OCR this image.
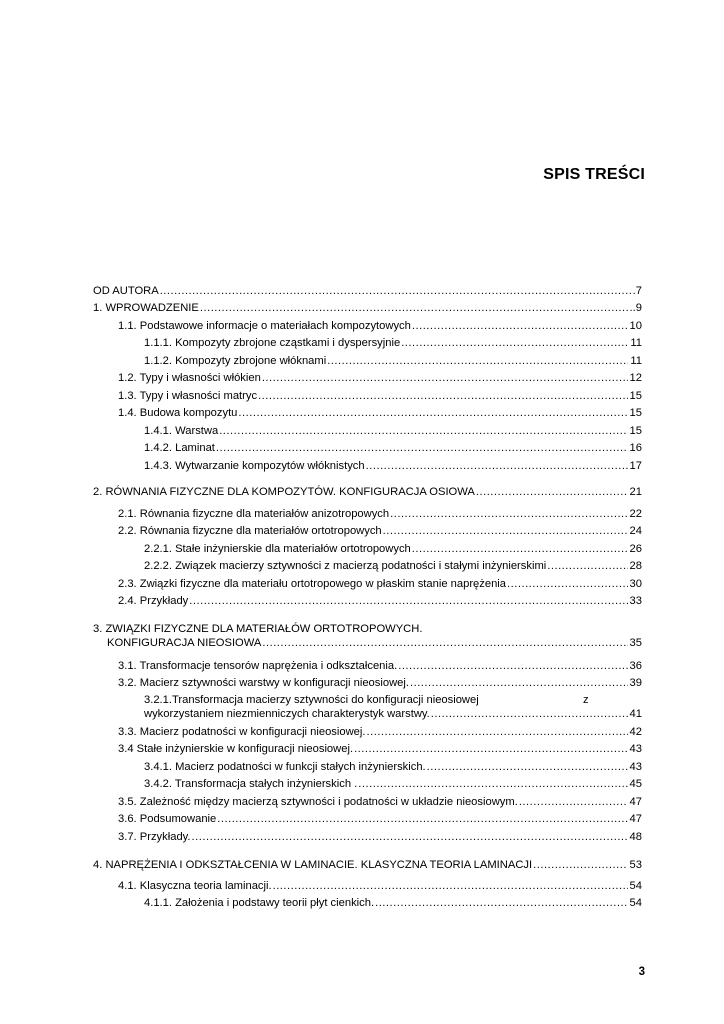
SPIS TREŚCI
OD AUTORA .....	.7
1. WPROWADZENIE .....	..9
1.1. Podstawowe informacje o materiałach kompozytowych .....	10
1.1.1. Kompozyty zbrojone cząstkami i dyspersyjnie .....	11
1.1.2. Kompozyty zbrojone włóknami .....	11
1.2. Typy i własności włókien .....	12
1.3. Typy i własności matryc .....	15
1.4. Budowa kompozytu .....	15
1.4.1. Warstwa .....	15
1.4.2. Laminat .....	16
1.4.3. Wytwarzanie kompozytów włóknistych .....	17
2. RÓWNANIA FIZYCZNE DLA KOMPOZYTÓW. KONFIGURACJA OSIOWA .....	21
2.1. Równania fizyczne dla materiałów anizotropowych .....	22
2.2. Równania fizyczne dla materiałów ortotropowych .....	24
2.2.1. Stałe inżynierskie dla materiałów ortotropowych .....	26
2.2.2. Związek macierzy sztywności z macierzą podatności i stałymi inżynierskimi .....	28
2.3. Związki fizyczne dla materiału ortotropowego w płaskim stanie naprężenia .....	30
2.4. Przykłady .....	33
3. ZWIĄZKI FIZYCZNE DLA MATERIAŁÓW ORTOTROPOWYCH.
KONFIGURACJA NIEOSIOWA .....	35
3.1. Transformacje tensorów naprężenia i odkształcenia. .....	36
3.2. Macierz sztywności warstwy w konfiguracji nieosiowej. .....	39
3.2.1.Transformacja macierzy sztywności do konfiguracji nieosiowej	z
wykorzystaniem niezmienniczych charakterystyk warstwy. .....	41
3.3. Macierz podatności w konfiguracji nieosiowej. .....	42
3.4 Stałe inżynierskie w konfiguracji nieosiowej. .....	43
3.4.1. Macierz podatności w funkcji stałych inżynierskich. .....	43
3.4.2. Transformacja stałych inżynierskich . .....	45
3.5. Zależność między macierzą sztywności i podatności w układzie nieosiowym. .....	47
3.6. Podsumowanie .....	47
3.7. Przykłady. .....	48
4. NAPRĘŻENIA I ODKSZTAŁCENIA W LAMINACIE. KLASYCZNA TEORIA LAMINACJI .....	53
4.1. Klasyczna teoria laminacji. .....	54
4.1.1. Założenia i podstawy teorii płyt cienkich. .....	54
3
